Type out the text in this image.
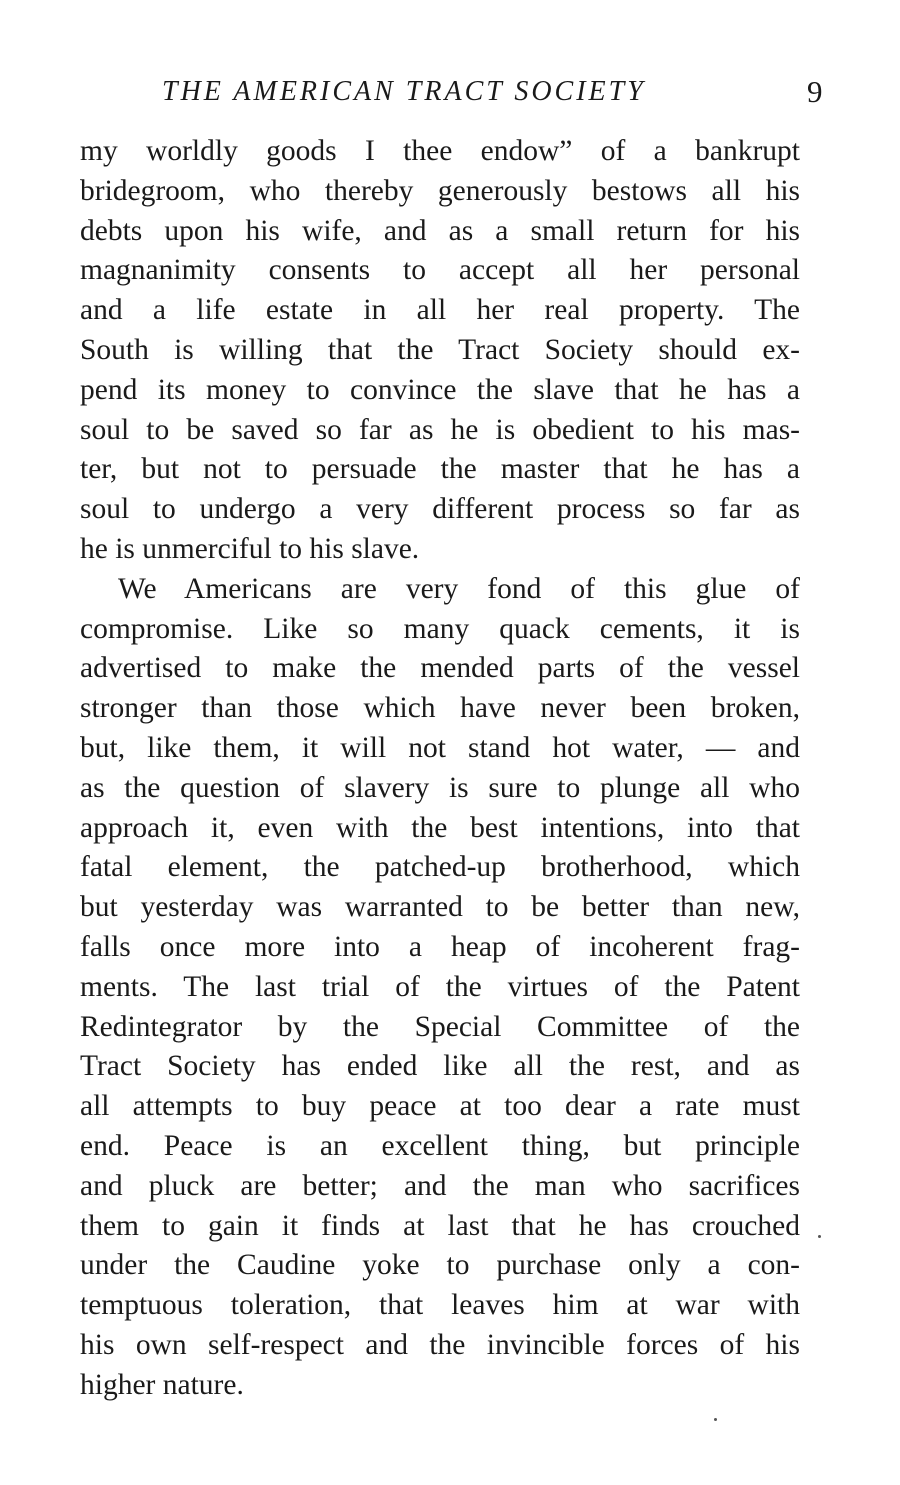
THE AMERICAN TRACT SOCIETY	9
my worldly goods I thee endow” of a bankrupt
bridegroom, who thereby generously bestows all his
debts upon his wife, and as a small return for his
magnanimity consents to accept all her personal
and a life estate in all her real property. The
South is willing that the Tract Society should ex-
pend its money to convince the slave that he has a
soul to be saved so far as he is obedient to his mas-
ter, but not to persuade the master that he has a
soul to undergo a very different process so far as
he is unmerciful to his slave.
We Americans are very fond of this glue of
compromise. Like so many quack cements, it is
advertised to make the mended parts of the vessel
stronger than those which have never been broken,
but, like them, it will not stand hot water, — and
as the question of slavery is sure to plunge all who
approach it, even with the best intentions, into that
fatal element, the patched-up brotherhood, which
but yesterday was warranted to be better than new,
falls once more into a heap of incoherent frag-
ments. The last trial of the virtues of the Patent
Redintegrator by the Special Committee of the
Tract Society has ended like all the rest, and as
all attempts to buy peace at too dear a rate must
end. Peace is an excellent thing, but principle
and pluck are better; and the man who sacrifices
them to gain it finds at last that he has crouched
under the Caudine yoke to purchase only a con-
temptuous toleration, that leaves him at war with
his own self-respect and the invincible forces of his
higher nature.
